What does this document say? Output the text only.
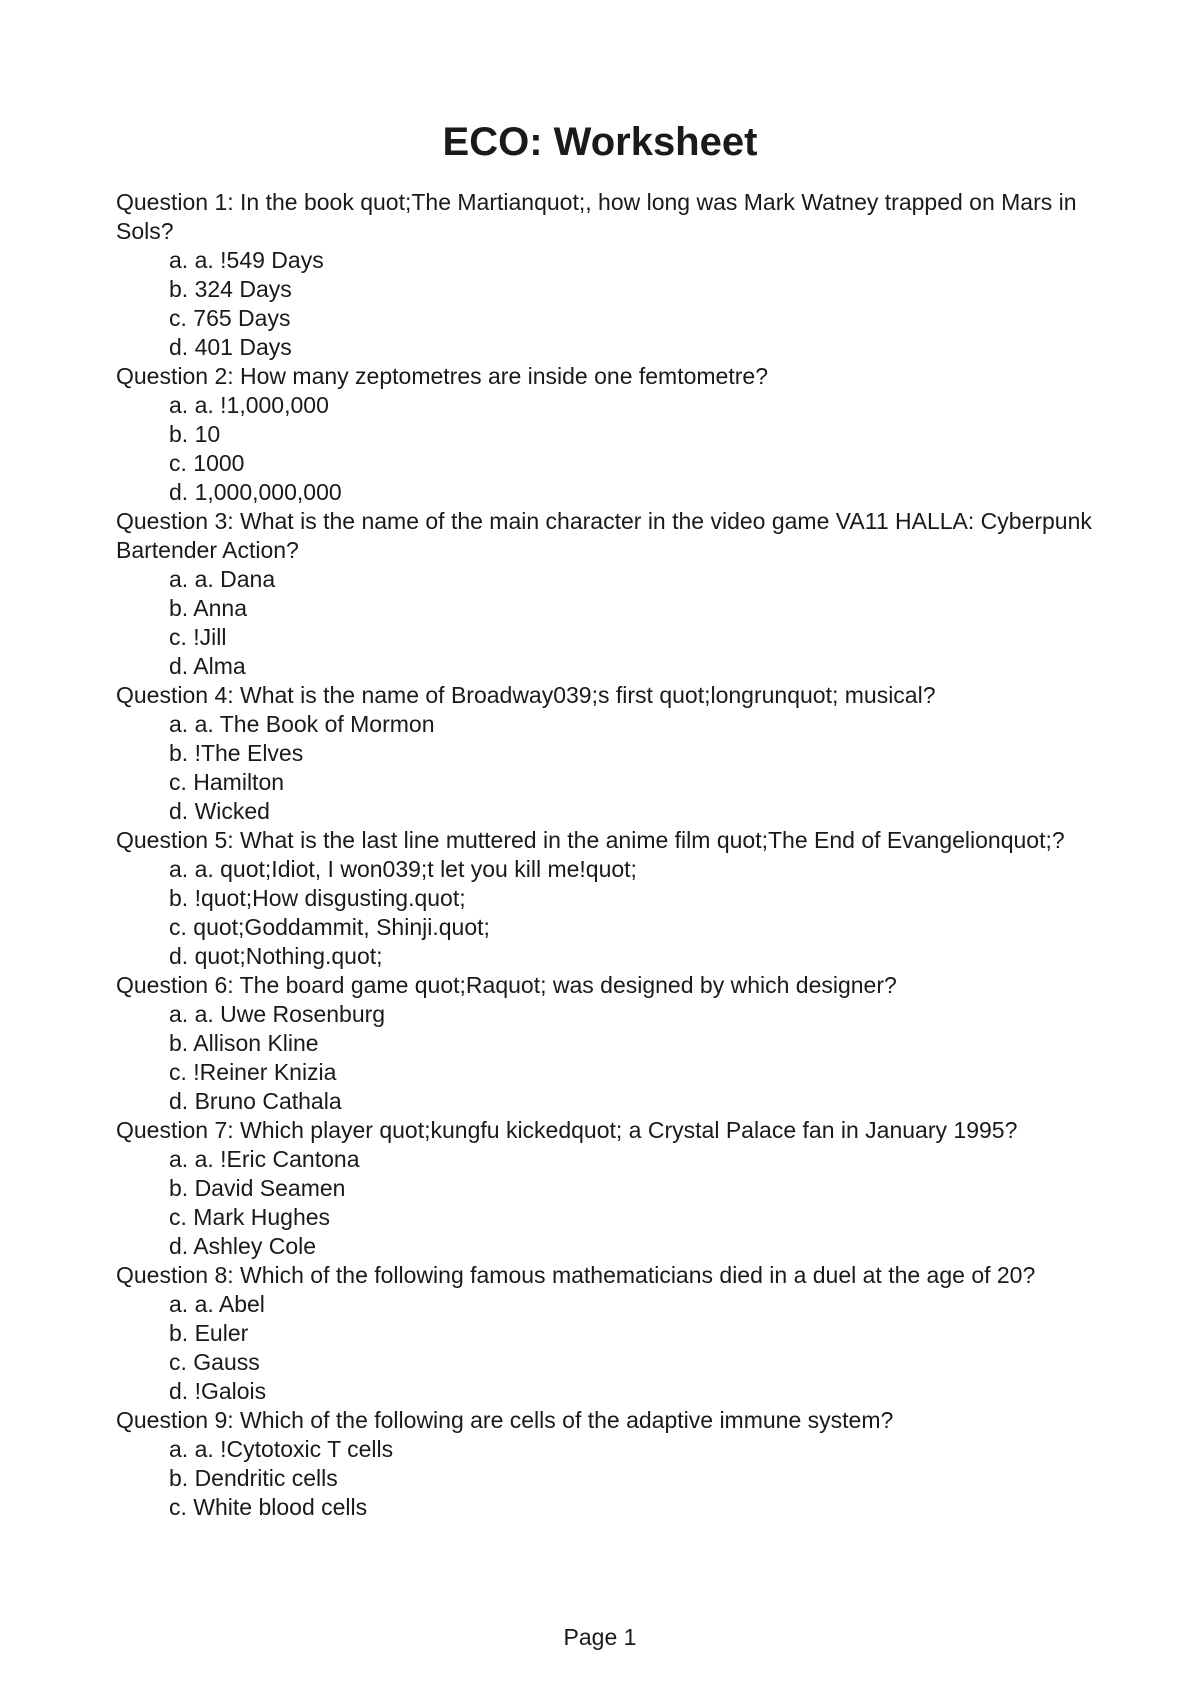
ECO: Worksheet

Question 1: In the book quot;The Martianquot;, how long was Mark Watney trapped on Mars in Sols?

a. a. !549 Days
b. 324 Days
c. 765 Days
d. 401 Days

Question 2: How many zeptometres are inside one femtometre?

a. a. !1,000,000
b. 10
c. 1000
d. 1,000,000,000

Question 3: What is the name of the main character in the video game VA11 HALLA: Cyberpunk Bartender Action?

a. a. Dana
b. Anna
c. !Jill
d. Alma

Question 4: What is the name of Broadway039;s first quot;longrunquot; musical?

a. a. The Book of Mormon
b. !The Elves
c. Hamilton
d. Wicked

Question 5: What is the last line muttered in the anime film quot;The End of Evangelionquot;?

a. a. quot;Idiot, I won039;t let you kill me!quot;
b. !quot;How disgusting.quot;
c. quot;Goddammit, Shinji.quot;
d. quot;Nothing.quot;

Question 6: The board game quot;Raquot; was designed by which designer?

a. a. Uwe Rosenburg
b. Allison Kline
c. !Reiner Knizia
d. Bruno Cathala

Question 7: Which player quot;kungfu kickedquot; a Crystal Palace fan in January 1995?

a. a. !Eric Cantona
b. David Seamen
c. Mark Hughes
d. Ashley Cole

Question 8: Which of the following famous mathematicians died in a duel at the age of 20?

a. a. Abel
b. Euler
c. Gauss
d. !Galois

Question 9: Which of the following are cells of the adaptive immune system?

a. a. !Cytotoxic T cells
b. Dendritic cells
c. White blood cells
Page 1
